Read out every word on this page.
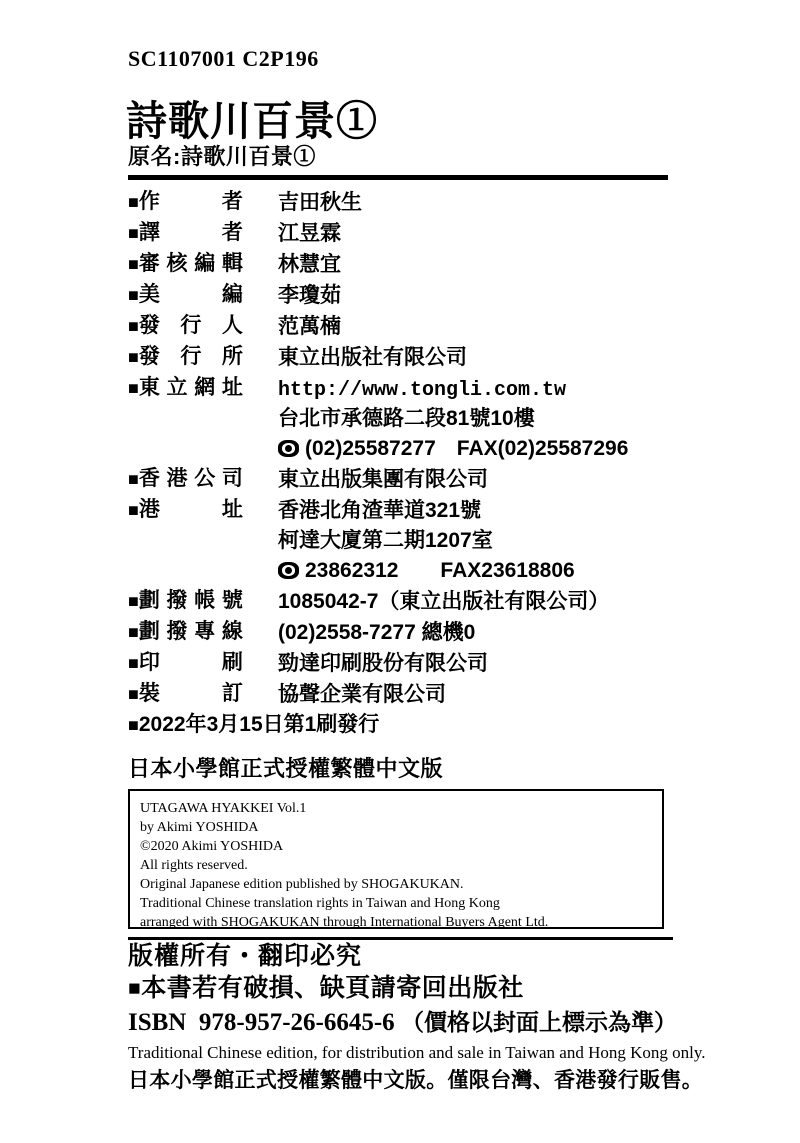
SC1107001 C2P196
詩歌川百景①
原名:詩歌川百景①
■作　者	吉田秋生
■譯　者	江昱霖
■審核編輯	林慧宜
■美　編	李瓊茹
■發 行 人	范萬楠
■發 行 所	東立出版社有限公司
■東立網址	http://www.tongli.com.tw
台北市承德路二段81號10樓
(02)25587277　FAX(02)25587296
■香港公司	東立出版集團有限公司
■港　址	香港北角渣華道321號
柯達大廈第二期1207室
23862312　　FAX23618806
■劃撥帳號	1085042-7（東立出版社有限公司）
■劃撥專線	(02)2558-7277 總機0
■印　刷	勁達印刷股份有限公司
■裝　訂	協聲企業有限公司
■2022年3月15日第1刷發行
日本小學館正式授權繁體中文版

UTAGAWA HYAKKEI Vol.1

by Akimi YOSHIDA

©2020 Akimi YOSHIDA

All rights reserved.

Original Japanese edition published by SHOGAKUKAN.

Traditional Chinese translation rights in Taiwan and Hong Kong

arranged with SHOGAKUKAN through International Buyers Agent Ltd.

版權所有・翻印必究
■本書若有破損、缺頁請寄回出版社
ISBN 978-957-26-6645-6 （價格以封面上標示為準）
Traditional Chinese edition, for distribution and sale in Taiwan and Hong Kong only.
日本小學館正式授權繁體中文版。僅限台灣、香港發行販售。
